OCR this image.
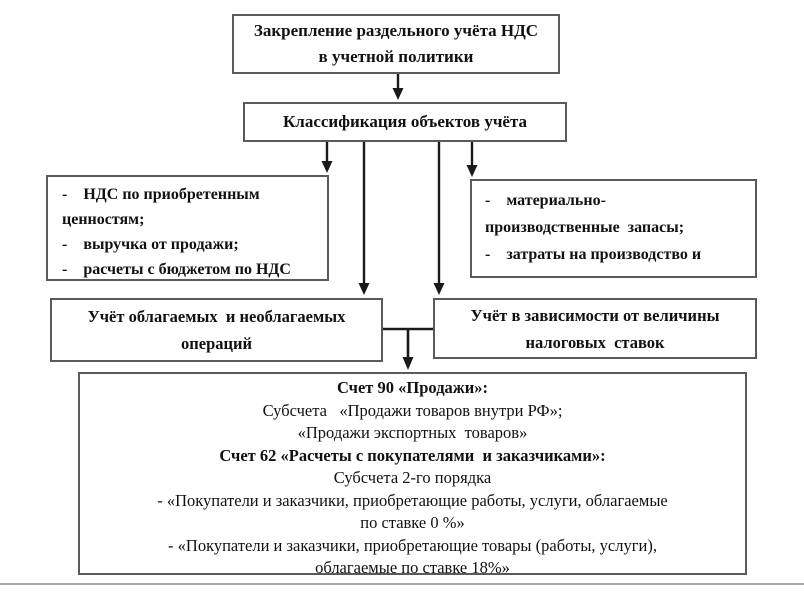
Закрепление раздельного учёта НДС
в учетной политики
Классификация объектов учёта
-    НДС по приобретенным
ценностям;
-    выручка от продажи;
-    расчеты с бюджетом по НДС
-    материально-
производственные  запасы;
-    затраты на производство и
Учёт облагаемых  и необлагаемых
операций
Учёт в зависимости от величины
налоговых  ставок
Счет 90 «Продажи»:
Субсчета   «Продажи товаров внутри РФ»;
«Продажи экспортных  товаров»
Счет 62 «Расчеты с покупателями  и заказчиками»:
Субсчета 2-го порядка
- «Покупатели и заказчики, приобретающие работы, услуги, облагаемые
по ставке 0 %»
- «Покупатели и заказчики, приобретающие товары (работы, услуги),
облагаемые по ставке 18%»
